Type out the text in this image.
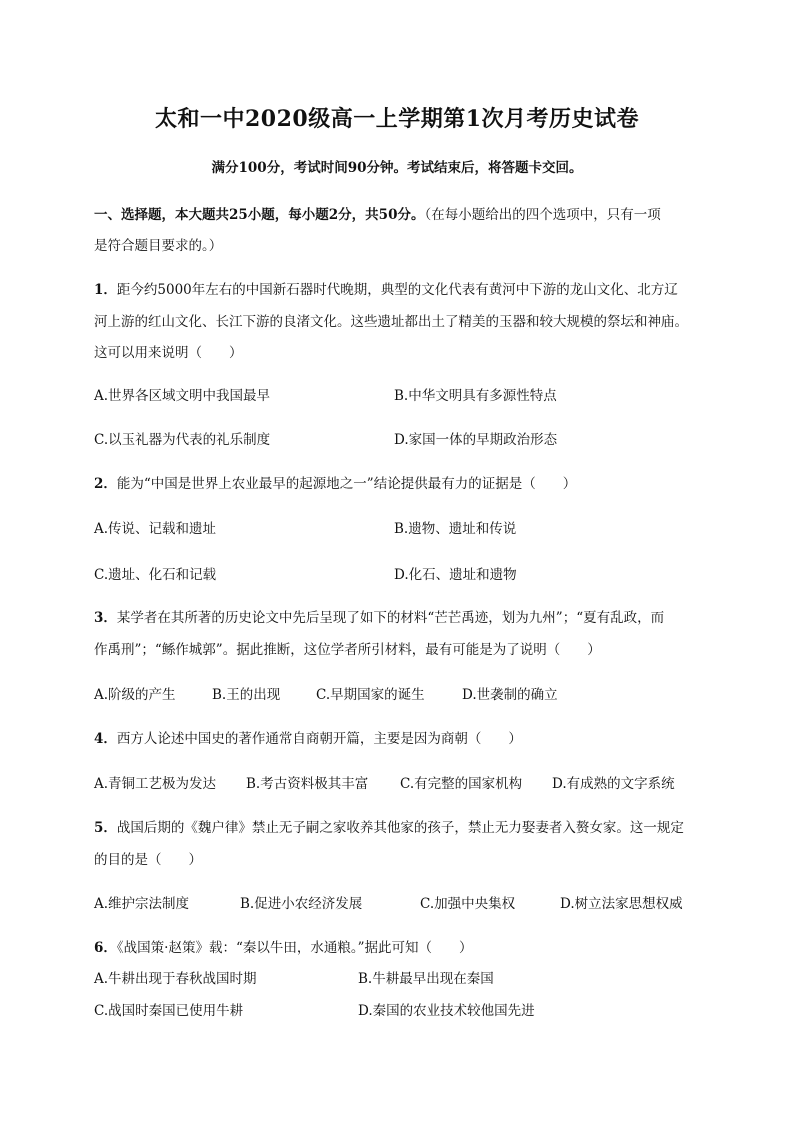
太和一中2020级高一上学期第1次月考历史试卷
满分100分，考试时间90分钟。考试结束后，将答题卡交回。
一、选择题，本大题共25小题，每小题2分，共50分。（在每小题给出的四个选项中，只有一项
是符合题目要求的。）
1．距今约5000年左右的中国新石器时代晚期，典型的文化代表有黄河中下游的龙山文化、北方辽
河上游的红山文化、长江下游的良渚文化。这些遗址都出土了精美的玉器和较大规模的祭坛和神庙。
这可以用来说明（　　）
A.世界各区域文明中我国最早	B.中华文明具有多源性特点
C.以玉礼器为代表的礼乐制度	D.家国一体的早期政治形态
2．能为“中国是世界上农业最早的起源地之一”结论提供最有力的证据是（　　）
A.传说、记载和遗址	B.遗物、遗址和传说
C.遗址、化石和记载	D.化石、遗址和遗物
3．某学者在其所著的历史论文中先后呈现了如下的材料“芒芒禹迹，划为九州”；“夏有乱政，而
作禹刑”；“鲧作城郭”。据此推断，这位学者所引材料，最有可能是为了说明（　　）
A.阶级的产生	B.王的出现	C.早期国家的诞生	D.世袭制的确立
4．西方人论述中国史的著作通常自商朝开篇，主要是因为商朝（　　）
A.青铜工艺极为发达 B.考古资料极其丰富 C.有完整的国家机构 D.有成熟的文字系统
5．战国后期的《魏户律》禁止无子嗣之家收养其他家的孩子，禁止无力娶妻者入赘女家。这一规定
的目的是（　　）
A.维护宗法制度	B.促进小农经济发展	C.加强中央集权	D.树立法家思想权威
6．《战国策·赵策》载：“秦以牛田，水通粮。”据此可知（　　）
A.牛耕出现于春秋战国时期	B.牛耕最早出现在秦国
C.战国时秦国已使用牛耕	D.秦国的农业技术较他国先进
